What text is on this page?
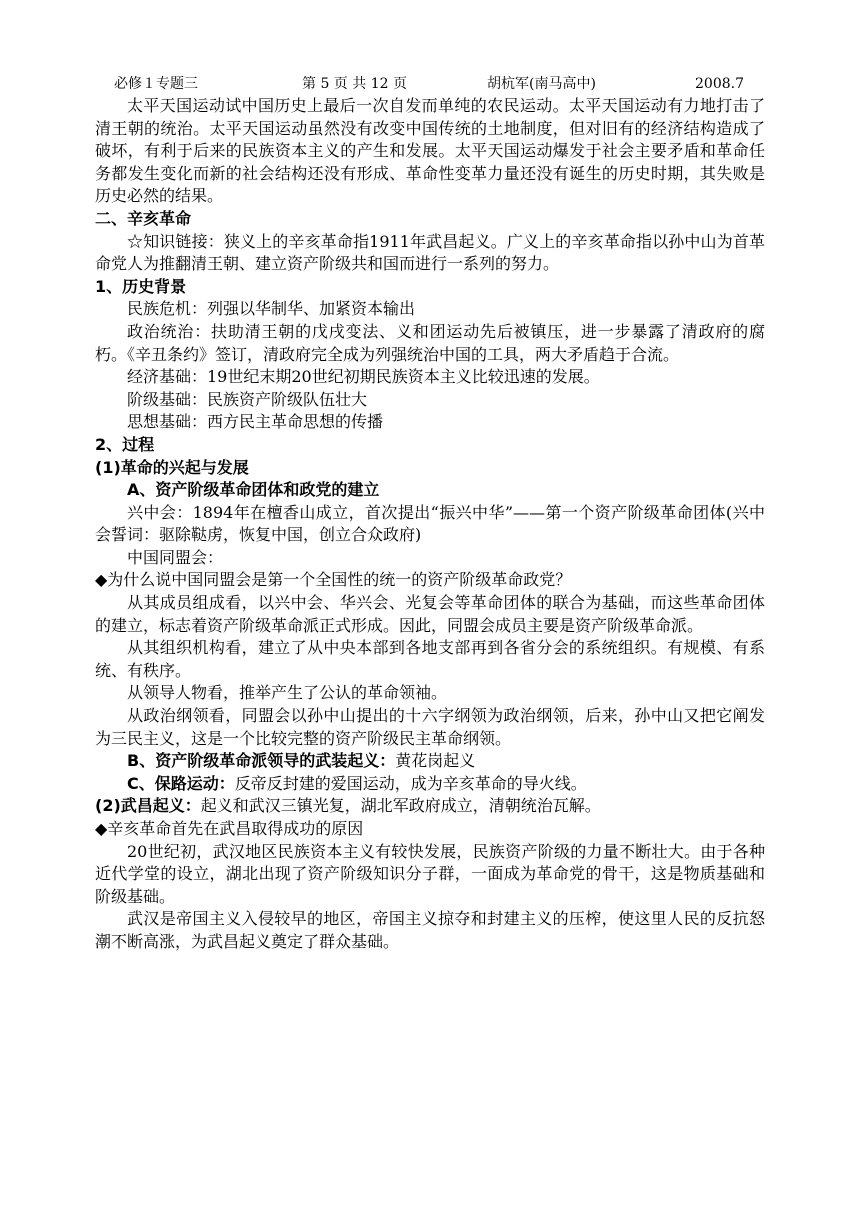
必修１专题三	第 5 页 共 12 页	胡杭军(南马高中)	2008.7

太平天国运动试中国历史上最后一次自发而单纯的农民运动。太平天国运动有力地打击了清王朝的统治。太平天国运动虽然没有改变中国传统的土地制度，但对旧有的经济结构造成了破坏，有利于后来的民族资本主义的产生和发展。太平天国运动爆发于社会主要矛盾和革命任务都发生变化而新的社会结构还没有形成、革命性变革力量还没有诞生的历史时期，其失败是历史必然的结果。

二、辛亥革命

☆知识链接：狭义上的辛亥革命指1911年武昌起义。广义上的辛亥革命指以孙中山为首革命党人为推翻清王朝、建立资产阶级共和国而进行一系列的努力。

1、历史背景

民族危机：列强以华制华、加紧资本输出

政治统治：扶助清王朝的戊戌变法、义和团运动先后被镇压，进一步暴露了清政府的腐朽。《辛丑条约》签订，清政府完全成为列强统治中国的工具，两大矛盾趋于合流。

经济基础：19世纪末期20世纪初期民族资本主义比较迅速的发展。

阶级基础：民族资产阶级队伍壮大

思想基础：西方民主革命思想的传播

2、过程

(1)革命的兴起与发展

A、资产阶级革命团体和政党的建立

兴中会：1894年在檀香山成立，首次提出“振兴中华”——第一个资产阶级革命团体(兴中会誓词：驱除鞑虏，恢复中国，创立合众政府)

中国同盟会：

◆为什么说中国同盟会是第一个全国性的统一的资产阶级革命政党？

从其成员组成看，以兴中会、华兴会、光复会等革命团体的联合为基础，而这些革命团体的建立，标志着资产阶级革命派正式形成。因此，同盟会成员主要是资产阶级革命派。

从其组织机构看，建立了从中央本部到各地支部再到各省分会的系统组织。有规模、有系统、有秩序。

从领导人物看，推举产生了公认的革命领袖。

从政治纲领看，同盟会以孙中山提出的十六字纲领为政治纲领，后来，孙中山又把它阐发为三民主义，这是一个比较完整的资产阶级民主革命纲领。

B、资产阶级革命派领导的武装起义：黄花岗起义

C、保路运动：反帝反封建的爱国运动，成为辛亥革命的导火线。

(2)武昌起义：起义和武汉三镇光复，湖北军政府成立，清朝统治瓦解。

◆辛亥革命首先在武昌取得成功的原因

20世纪初，武汉地区民族资本主义有较快发展，民族资产阶级的力量不断壮大。由于各种近代学堂的设立，湖北出现了资产阶级知识分子群，一面成为革命党的骨干，这是物质基础和阶级基础。

武汉是帝国主义入侵较早的地区，帝国主义掠夺和封建主义的压榨，使这里人民的反抗怒潮不断高涨，为武昌起义奠定了群众基础。
